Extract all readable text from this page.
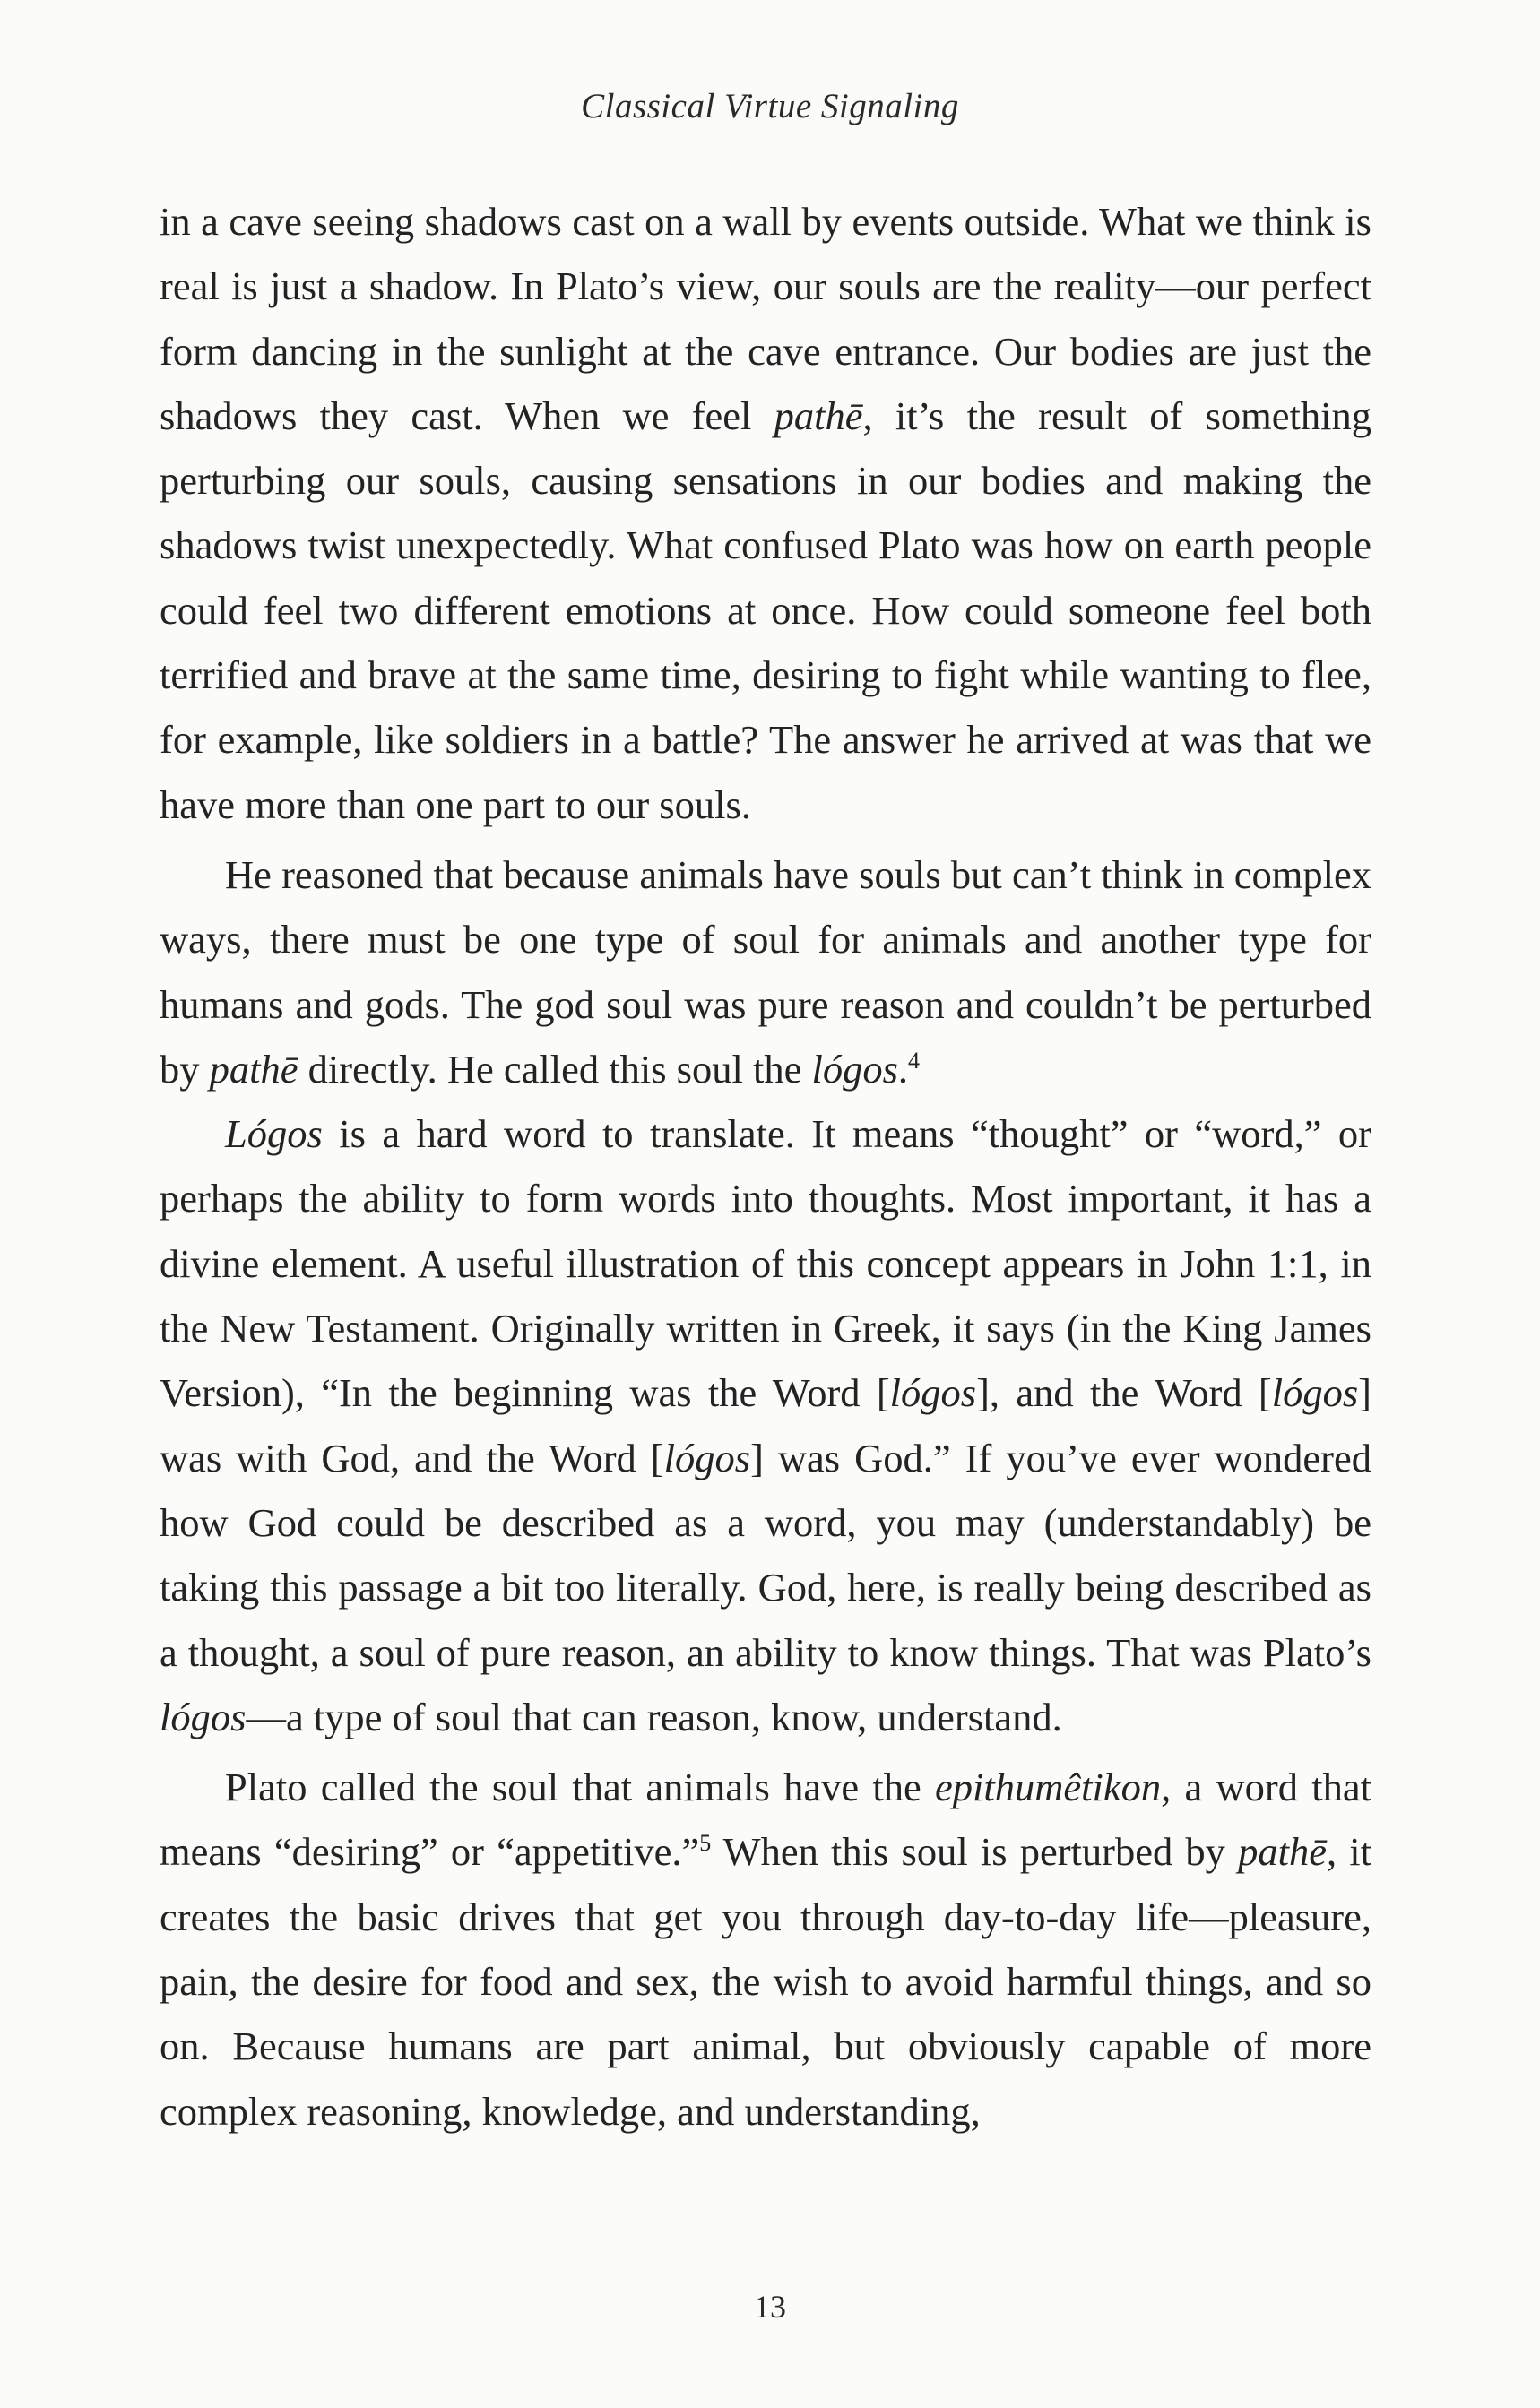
Classical Virtue Signaling

in a cave seeing shadows cast on a wall by events outside. What we think is real is just a shadow. In Plato’s view, our souls are the reality—our perfect form dancing in the sunlight at the cave entrance. Our bodies are just the shadows they cast. When we feel pathē, it’s the result of something perturbing our souls, causing sensations in our bodies and making the shadows twist unexpectedly. What confused Plato was how on earth people could feel two different emotions at once. How could someone feel both terrified and brave at the same time, desiring to fight while wanting to flee, for example, like soldiers in a battle? The answer he arrived at was that we have more than one part to our souls.

He reasoned that because animals have souls but can’t think in complex ways, there must be one type of soul for animals and another type for humans and gods. The god soul was pure reason and couldn’t be perturbed by pathē directly. He called this soul the lógos.$^4$

Lógos is a hard word to translate. It means “thought” or “word,” or perhaps the ability to form words into thoughts. Most important, it has a divine element. A useful illustration of this concept appears in John 1:1, in the New Testament. Originally written in Greek, it says (in the King James Version), “In the beginning was the Word [lógos], and the Word [lógos] was with God, and the Word [lógos] was God.” If you’ve ever wondered how God could be described as a word, you may (understandably) be taking this passage a bit too literally. God, here, is really being described as a thought, a soul of pure reason, an ability to know things. That was Plato’s lógos—a type of soul that can reason, know, understand.

Plato called the soul that animals have the epithumêtikon, a word that means “desiring” or “appetitive.”$^5$ When this soul is perturbed by pathē, it creates the basic drives that get you through day-to-day life—pleasure, pain, the desire for food and sex, the wish to avoid harmful things, and so on. Because humans are part animal, but obviously capable of more complex reasoning, knowledge, and understanding,

13
